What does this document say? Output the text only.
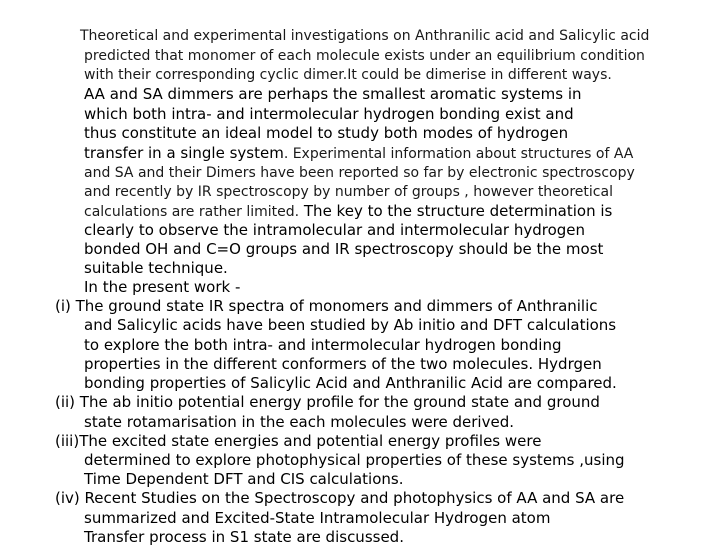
Theoretical and experimental investigations on Anthranilic acid and Salicylic acid
predicted that monomer of each molecule exists under an equilibrium condition
with their corresponding cyclic dimer.It could be dimerise in different ways.
AA and SA dimmers are perhaps the smallest aromatic systems in
which both intra- and intermolecular hydrogen bonding exist and
thus constitute an ideal model to study both modes of hydrogen
transfer in a single system. Experimental information about structures of AA
and SA and their Dimers have been reported so far by electronic spectroscopy
and recently by IR spectroscopy by number of groups , however theoretical
calculations are rather limited. The key to the structure determination is
clearly to observe the intramolecular and intermolecular hydrogen
bonded OH and C=O groups and IR spectroscopy should be the most
suitable technique.
In the present work -
(i) The ground state IR spectra of monomers and dimmers of Anthranilic
and Salicylic acids have been studied by Ab initio and DFT calculations
to explore the both intra- and intermolecular hydrogen bonding
properties in the different conformers of the two molecules. Hydrgen
bonding properties of Salicylic Acid and Anthranilic Acid are compared.
(ii) The ab initio potential energy profile for the ground state and ground
state rotamarisation in the each molecules were derived.
(iii)The excited state energies and potential energy profiles were
determined to explore photophysical properties of these systems ,using
Time Dependent DFT and CIS calculations.
(iv) Recent Studies on the Spectroscopy and photophysics of AA and SA are
summarized and Excited-State Intramolecular Hydrogen atom
Transfer process in S1 state are discussed.
